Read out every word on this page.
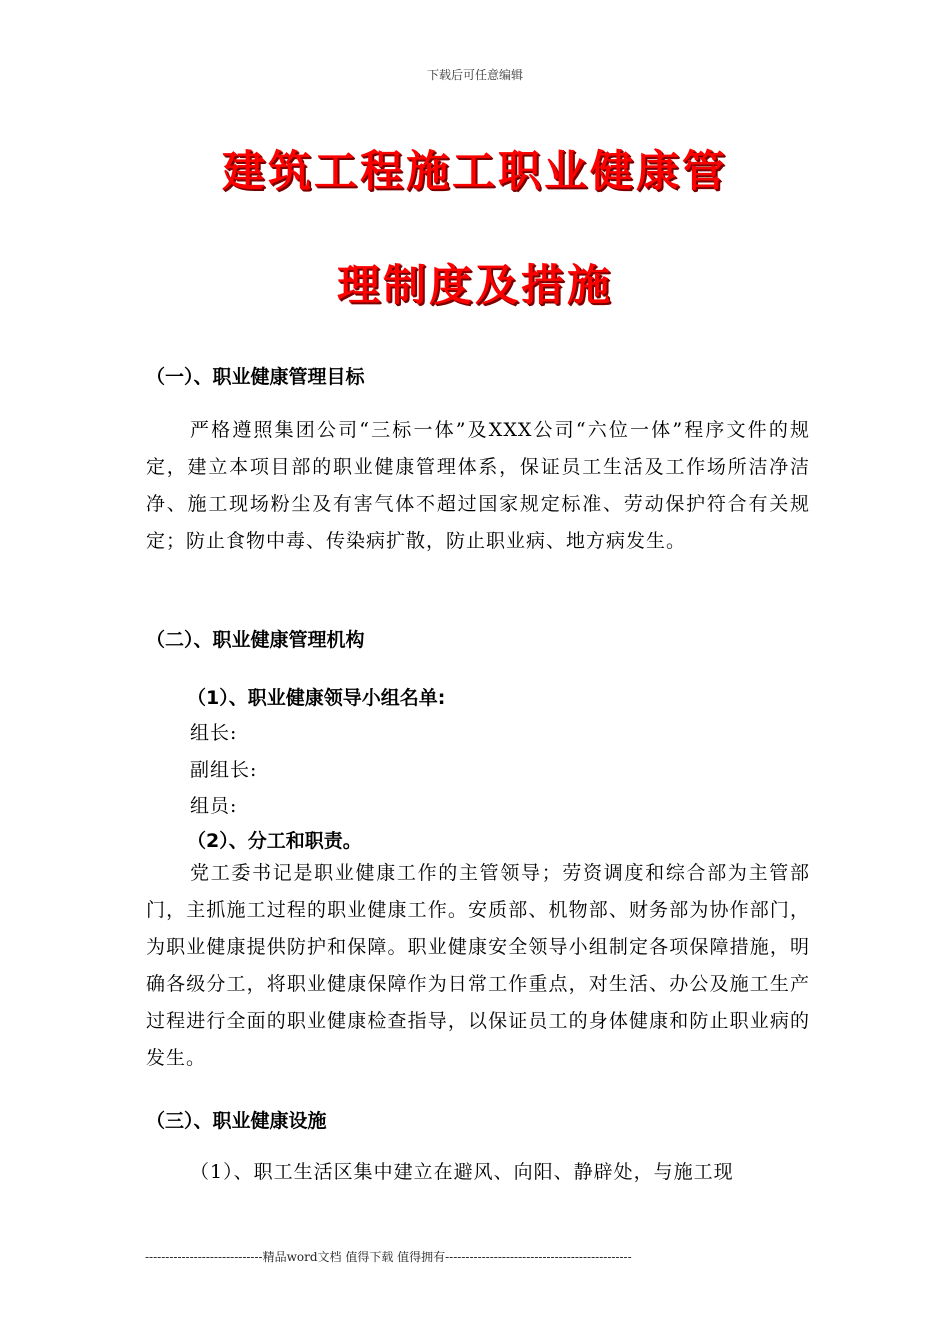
下载后可任意编辑
建筑工程施工职业健康管
理制度及措施
（一）、职业健康管理目标
严格遵照集团公司“三标一体”及XXX公司“六位一体”程序文件的规定，建立本项目部的职业健康管理体系，保证员工生活及工作场所洁净洁净、施工现场粉尘及有害气体不超过国家规定标准、劳动保护符合有关规定；防止食物中毒、传染病扩散，防止职业病、地方病发生。
（二）、职业健康管理机构
（1）、职业健康领导小组名单:
组长:
副组长:
组员:
（2）、分工和职责。
党工委书记是职业健康工作的主管领导；劳资调度和综合部为主管部门，主抓施工过程的职业健康工作。安质部、机物部、财务部为协作部门，为职业健康提供防护和保障。职业健康安全领导小组制定各项保障措施，明确各级分工，将职业健康保障作为日常工作重点，对生活、办公及施工生产过程进行全面的职业健康检查指导，以保证员工的身体健康和防止职业病的发生。
（三）、职业健康设施
（1）、职工生活区集中建立在避风、向阳、静辟处，与施工现
-----------------------------精品word文档 值得下载 值得拥有----------------------------------------------
